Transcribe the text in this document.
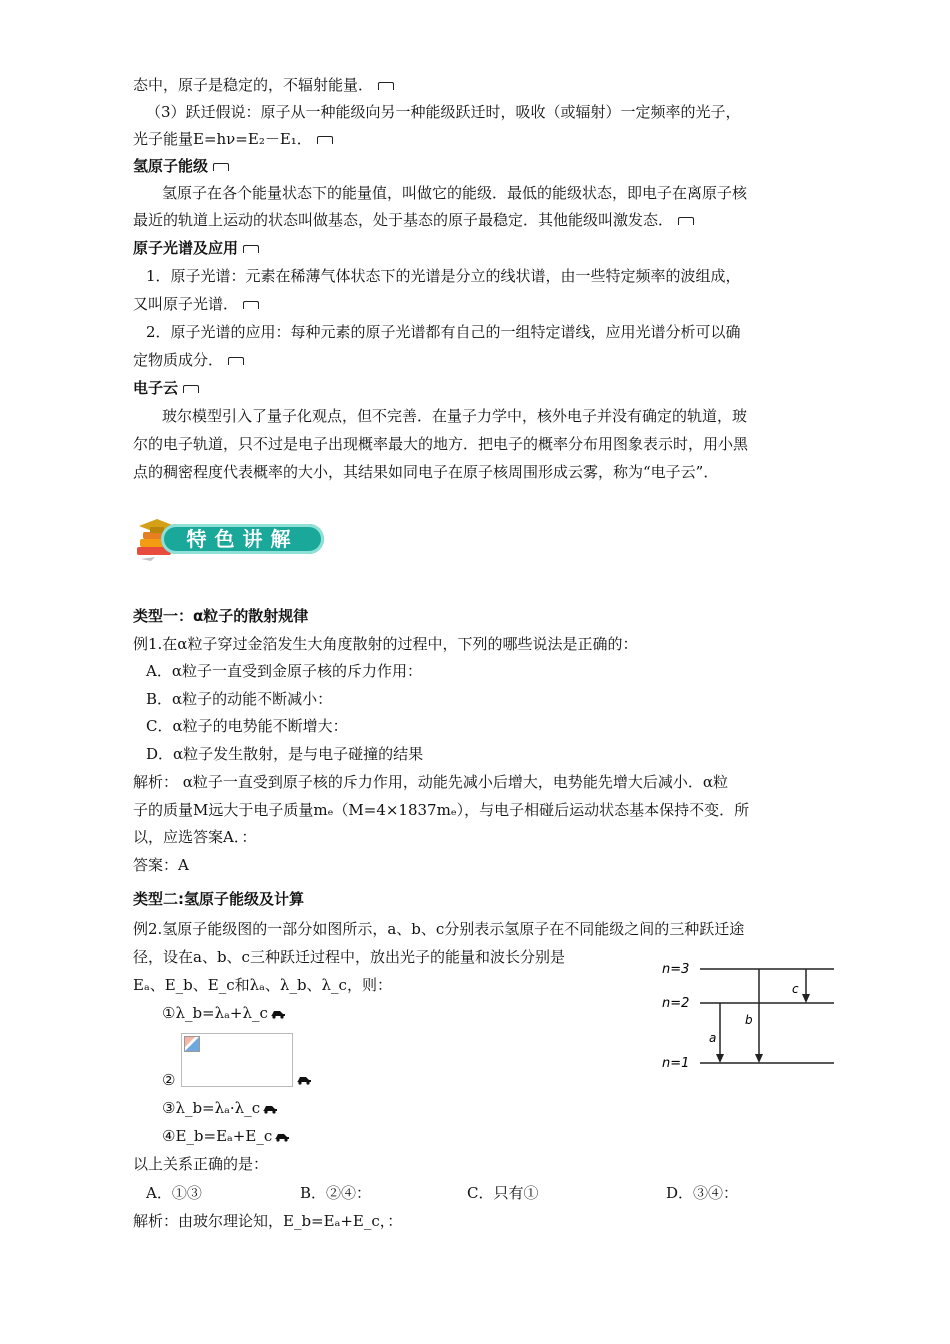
态中，原子是稳定的，不辐射能量．
（3）跃迁假说：原子从一种能级向另一种能级跃迁时，吸收（或辐射）一定频率的光子，
光子能量E=hν=E₂－E₁．
氢原子能级
氢原子在各个能量状态下的能量值，叫做它的能级．最低的能级状态，即电子在离原子核
最近的轨道上运动的状态叫做基态，处于基态的原子最稳定．其他能级叫激发态．
原子光谱及应用
1．原子光谱：元素在稀薄气体状态下的光谱是分立的线状谱，由一些特定频率的波组成，
又叫原子光谱．
2．原子光谱的应用：每种元素的原子光谱都有自己的一组特定谱线，应用光谱分析可以确
定物质成分．
电子云
玻尔模型引入了量子化观点，但不完善．在量子力学中，核外电子并没有确定的轨道，玻
尔的电子轨道，只不过是电子出现概率最大的地方．把电子的概率分布用图象表示时，用小黑
点的稠密程度代表概率的大小，其结果如同电子在原子核周围形成云雾，称为“电子云”．
特色讲解
类型一：α粒子的散射规律
例1.在α粒子穿过金箔发生大角度散射的过程中，下列的哪些说法是正确的：
A．α粒子一直受到金原子核的斥力作用：
B．α粒子的动能不断减小：
C．α粒子的电势能不断增大：
D．α粒子发生散射，是与电子碰撞的结果
解析： α粒子一直受到原子核的斥力作用，动能先减小后增大，电势能先增大后减小．α粒
子的质量M远大于电子质量mₑ（M=4×1837mₑ），与电子相碰后运动状态基本保持不变．所
以，应选答案A．：
答案：A
类型二:氢原子能级及计算
例2.氢原子能级图的一部分如图所示，a、b、c分别表示氢原子在不同能级之间的三种跃迁途
径，设在a、b、c三种跃迁过程中，放出光子的能量和波长分别是
Eₐ、E_b、E_c和λₐ、λ_b、λ_c，则：
①λ_b=λₐ+λ_c
②
③λ_b=λₐ·λ_c
④E_b=Eₐ+E_c
以上关系正确的是：
A．①③	B．②④：	C．只有①	D．③④：
解析：由玻尔理论知，E_b=Eₐ+E_c，：
n=3
n=2
n=1
a
b
c
